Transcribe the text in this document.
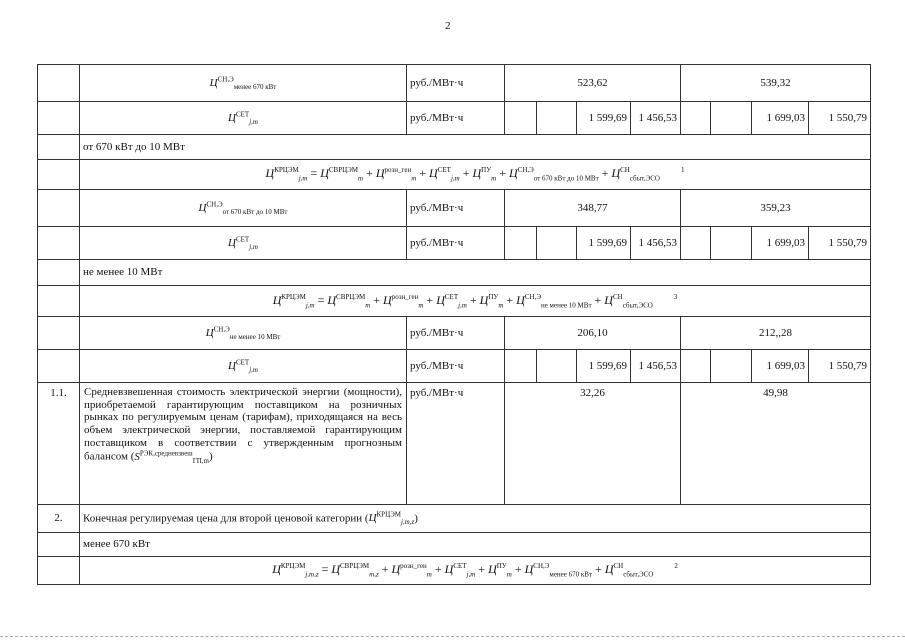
2
	$Ц^{СН,Э}_{менее 670 кВт}$	руб./МВт·ч	523,62				539,32			
	$Ц^{СЕТ}_{j,m}$	руб./МВт·ч			1 599,69	1 456,53			1 699,03	1 550,79
	от 670 кВт до 10 МВт									
	$Ц^{КРЦЭМ}_{j,m} = Ц^{СВРЦЭМ}_m + Ц^{розн\_ген}_m + Ц^{СЕТ}_{j,m} + Ц^{ПУ}_m + Ц^{СН,Э}_{от 670 кВт до 10 МВт} + Ц^{СН}_{сбыт,ЭСО}$ $^1$
	$Ц^{СН,Э}_{от 670 кВт до 10 МВт}$	руб./МВт·ч	348,77				359,23			
	$Ц^{СЕТ}_{j,m}$	руб./МВт·ч			1 599,69	1 456,53			1 699,03	1 550,79
	не менее 10 МВт									
	$Ц^{КРЦЭМ}_{j,m} = Ц^{СВРЦЭМ}_m + Ц^{розн\_ген}_m + Ц^{СЕТ}_{j,m} + Ц^{ПУ}_m + Ц^{СН,Э}_{не менее 10 МВт} + Ц^{СН}_{сбыт,ЭСО}$ $^3$
	$Ц^{СН,Э}_{не менее 10 МВт}$	руб./МВт·ч	206,10				212,,28			
	$Ц^{СЕТ}_{j,m}$	руб./МВт·ч			1 599,69	1 456,53			1 699,03	1 550,79
1.1.	Средневзвешенная стоимость электрической энергии (мощности), приобретаемой гарантирующим поставщиком на розничных рынках по регулируемым ценам (тарифам), приходящаяся на весь объем электрической энергии, поставляемой гарантирующим поставщиком в соответствии с утвержденным прогнозным балансом $(S^{РЭК,средневзвеш}_{ГП,m})$	руб./МВт·ч	32,26				49,98			
2.	Конечная регулируемая цена для второй ценовой категории $(Ц^{КРЦЭМ}_{j,m,z})$									
	менее 670 кВт									
	$Ц^{КРЦЭМ}_{j,m,z} = Ц^{СВРЦЭМ}_{m,z} + Ц^{розн\_ген}_m + Ц^{СЕТ}_{j,m} + Ц^{ПУ}_m + Ц^{СН,Э}_{менее 670 кВт} + Ц^{СН}_{сбыт,ЭСО}$ $^2$
